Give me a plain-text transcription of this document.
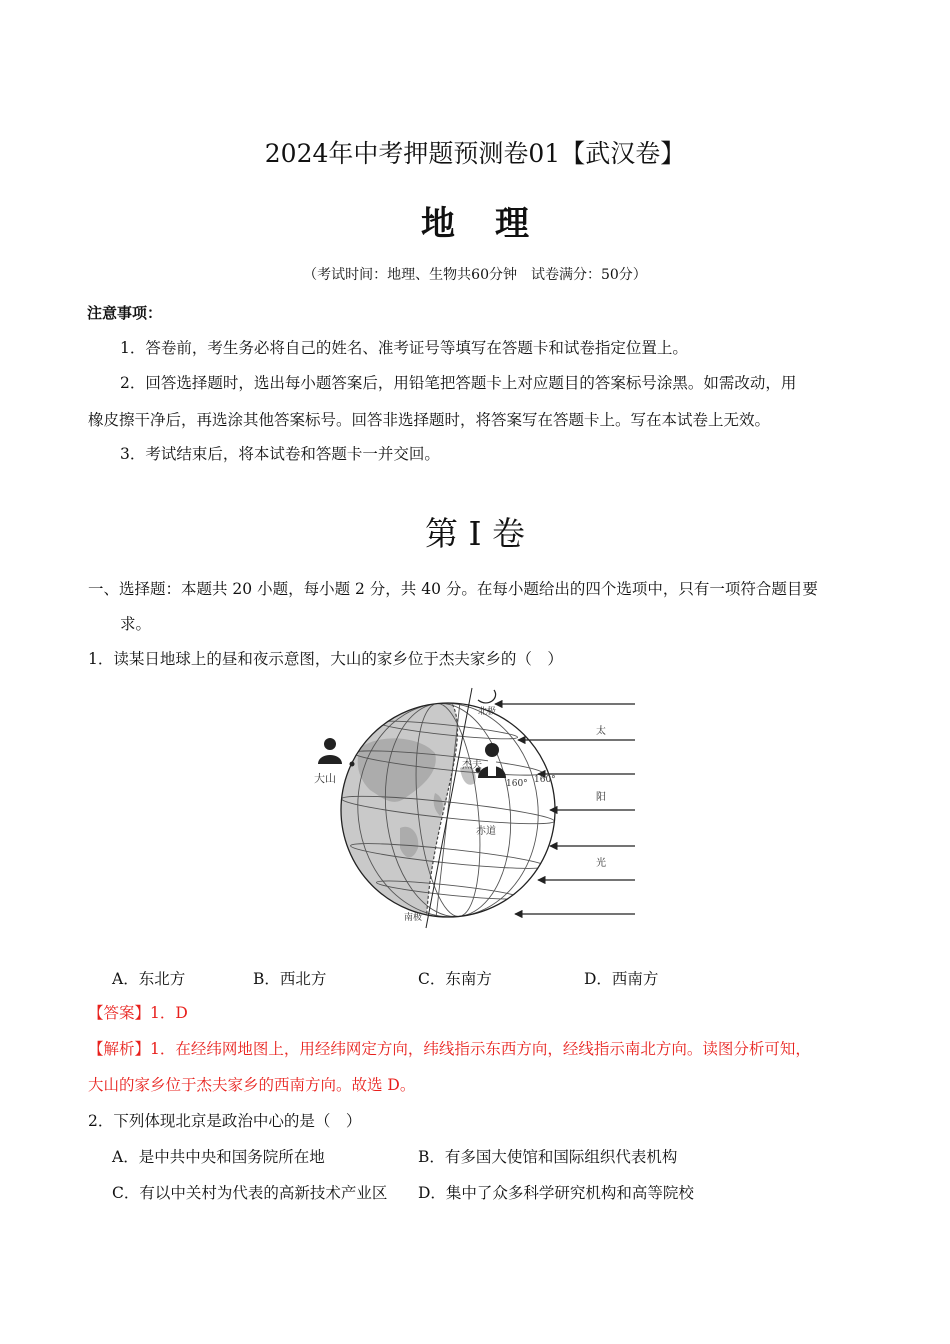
2024年中考押题预测卷01【武汉卷】
地理
（考试时间：地理、生物共60分钟　试卷满分：50分）
注意事项：
1．答卷前，考生务必将自己的姓名、准考证号等填写在答题卡和试卷指定位置上。
2．回答选择题时，选出每小题答案后，用铅笔把答题卡上对应题目的答案标号涂黑。如需改动，用
橡皮擦干净后，再选涂其他答案标号。回答非选择题时，将答案写在答题卡上。写在本试卷上无效。
3．考试结束后，将本试卷和答题卡一并交回。
第 I 卷
一、选择题：本题共 20 小题，每小题 2 分，共 40 分。在每小题给出的四个选项中，只有一项符合题目要
求。
1．读某日地球上的昼和夜示意图，大山的家乡位于杰夫家乡的（　）
北极
南极
赤道
大山
杰夫
160° 160°
太
阳
光
A．东北方	B．西北方	C．东南方	D．西南方
【答案】1．D
【解析】1．在经纬网地图上，用经纬网定方向，纬线指示东西方向，经线指示南北方向。读图分析可知，
大山的家乡位于杰夫家乡的西南方向。故选 D。
2．下列体现北京是政治中心的是（　）
A．是中共中央和国务院所在地	B．有多国大使馆和国际组织代表机构
C．有以中关村为代表的高新技术产业区 D．集中了众多科学研究机构和高等院校
